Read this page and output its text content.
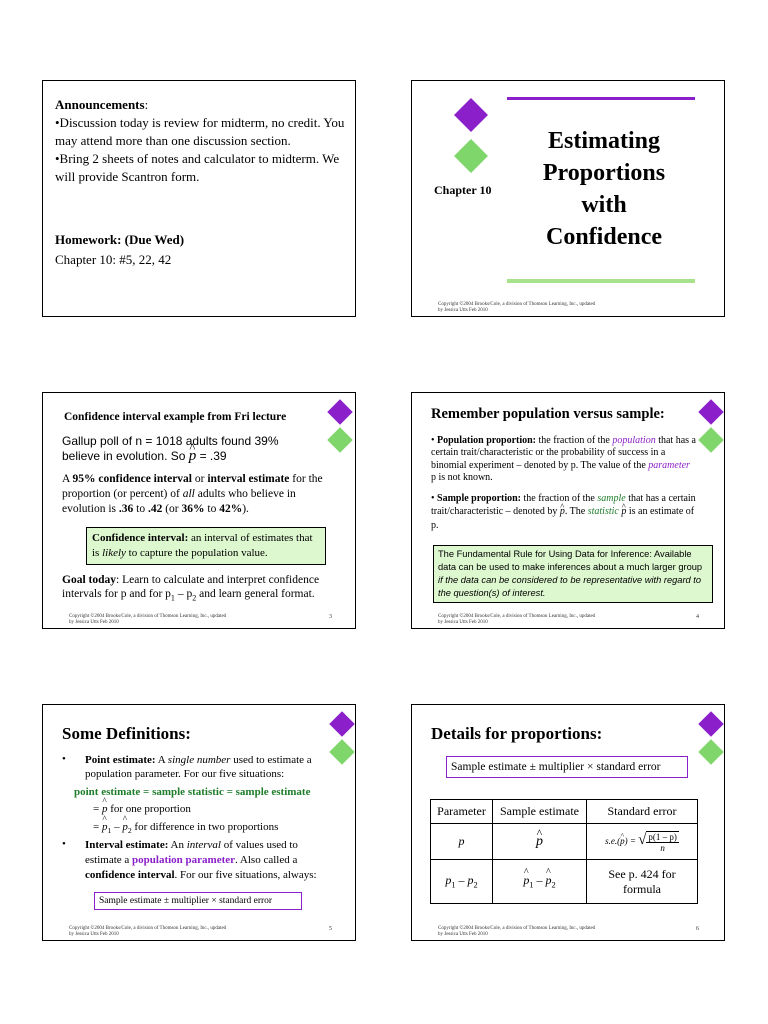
Announcements:
•Discussion today is review for midterm, no credit. You may attend more than one discussion section.
•Bring 2 sheets of notes and calculator to midterm. We will provide Scantron form.
Homework: (Due Wed)
Chapter 10: #5, 22, 42
Chapter 10
Estimating
Proportions
with
Confidence
Copyright ©2004 Brooks/Cole, a division of Thomson Learning, Inc., updated
by Jessica Utts Feb 2010
Confidence interval example from Fri lecture
Gallup poll of n = 1018 adults found 39%
believe in evolution. So ^ p = .39
A 95% confidence interval or interval estimate for the proportion (or percent) of all adults who believe in evolution is .36 to .42 (or 36% to 42%).
Confidence interval: an interval of estimates that is likely to capture the population value.
Goal today: Learn to calculate and interpret confidence intervals for p and for $p_1 - p_2$ and learn general format.
Copyright ©2004 Brooks/Cole, a division of Thomson Learning, Inc., updated
by Jessica Utts Feb 2010
3
Remember population versus sample:
• Population proportion: the fraction of the population that has a certain trait/characteristic or the probability of success in a binomial experiment – denoted by p. The value of the parameter p is not known.
• Sample proportion: the fraction of the sample that has a certain trait/characteristic – denoted by ^ p. The statistic ^ p is an estimate of p.
The Fundamental Rule for Using Data for Inference: Available data can be used to make inferences about a much larger group if the data can be considered to be representative with regard to the question(s) of interest.
Copyright ©2004 Brooks/Cole, a division of Thomson Learning, Inc., updated
by Jessica Utts Feb 2010
4
Some Definitions:
• Point estimate: A single number used to estimate a population parameter. For our five situations:
point estimate = sample statistic = sample estimate
= ^ p for one proportion
= ^ $p_1$ – ^ $p_2$ for difference in two proportions
• Interval estimate: An interval of values used to estimate a population parameter. Also called a confidence interval. For our five situations, always:
Sample estimate ± multiplier × standard error
Copyright ©2004 Brooks/Cole, a division of Thomson Learning, Inc., updated
by Jessica Utts Feb 2010
5
Details for proportions:
Sample estimate ± multiplier × standard error
Parameter	Sample estimate	Standard error
p	^ p	s.e.(^ p) = √ $\frac{p(1 - p)}{n}$

$p_1 - p_2$	^ $p_1$ – ^ $p_2$	See p. 424 for formula
Copyright ©2004 Brooks/Cole, a division of Thomson Learning, Inc., updated
by Jessica Utts Feb 2010
6
